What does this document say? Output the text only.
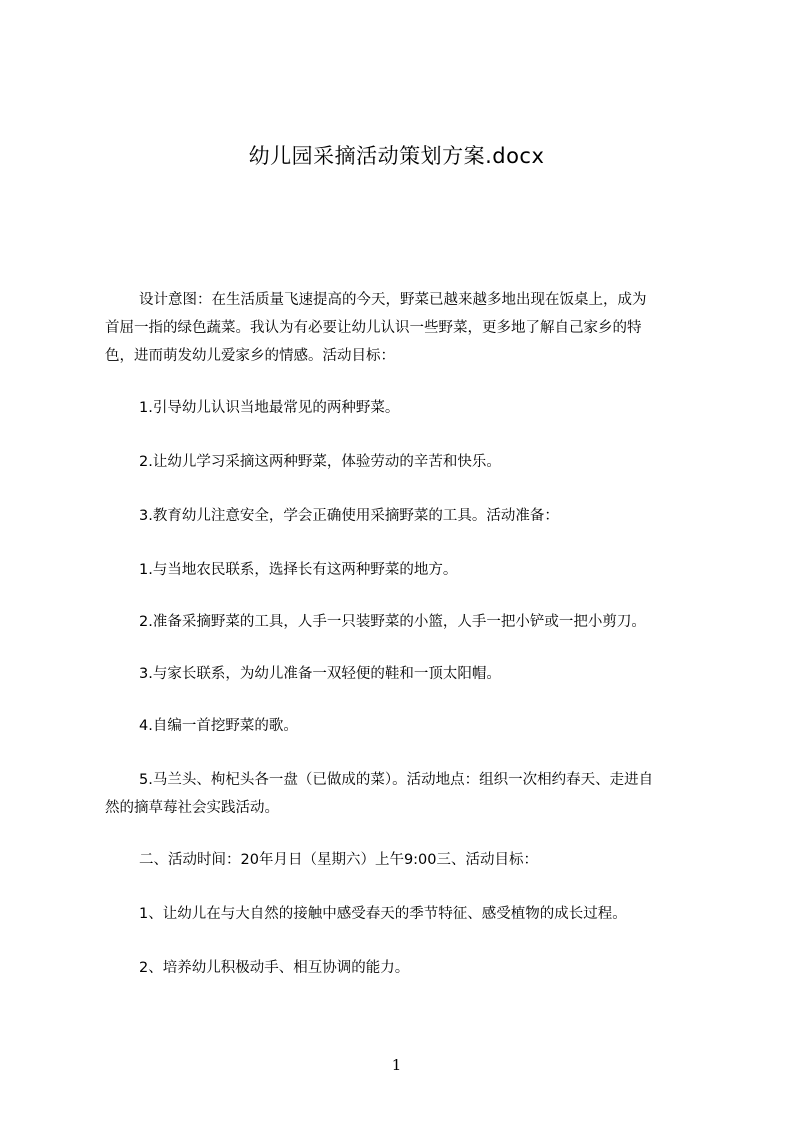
幼儿园采摘活动策划方案.docx

设计意图：在生活质量飞速提高的今天，野菜已越来越多地出现在饭桌上，成为
首屈一指的绿色蔬菜。我认为有必要让幼儿认识一些野菜，更多地了解自己家乡的特
色，进而萌发幼儿爱家乡的情感。活动目标：

1.引导幼儿认识当地最常见的两种野菜。

2.让幼儿学习采摘这两种野菜，体验劳动的辛苦和快乐。

3.教育幼儿注意安全，学会正确使用采摘野菜的工具。活动准备：

1.与当地农民联系，选择长有这两种野菜的地方。

2.准备采摘野菜的工具，人手一只装野菜的小篮，人手一把小铲或一把小剪刀。

3.与家长联系，为幼儿准备一双轻便的鞋和一顶太阳帽。

4.自编一首挖野菜的歌。

5.马兰头、枸杞头各一盘（已做成的菜）。活动地点：组织一次相约春天、走进自
然的摘草莓社会实践活动。

二、活动时间：20年月日（星期六）上午9:00三、活动目标：

1、让幼儿在与大自然的接触中感受春天的季节特征、感受植物的成长过程。

2、培养幼儿积极动手、相互协调的能力。

1
